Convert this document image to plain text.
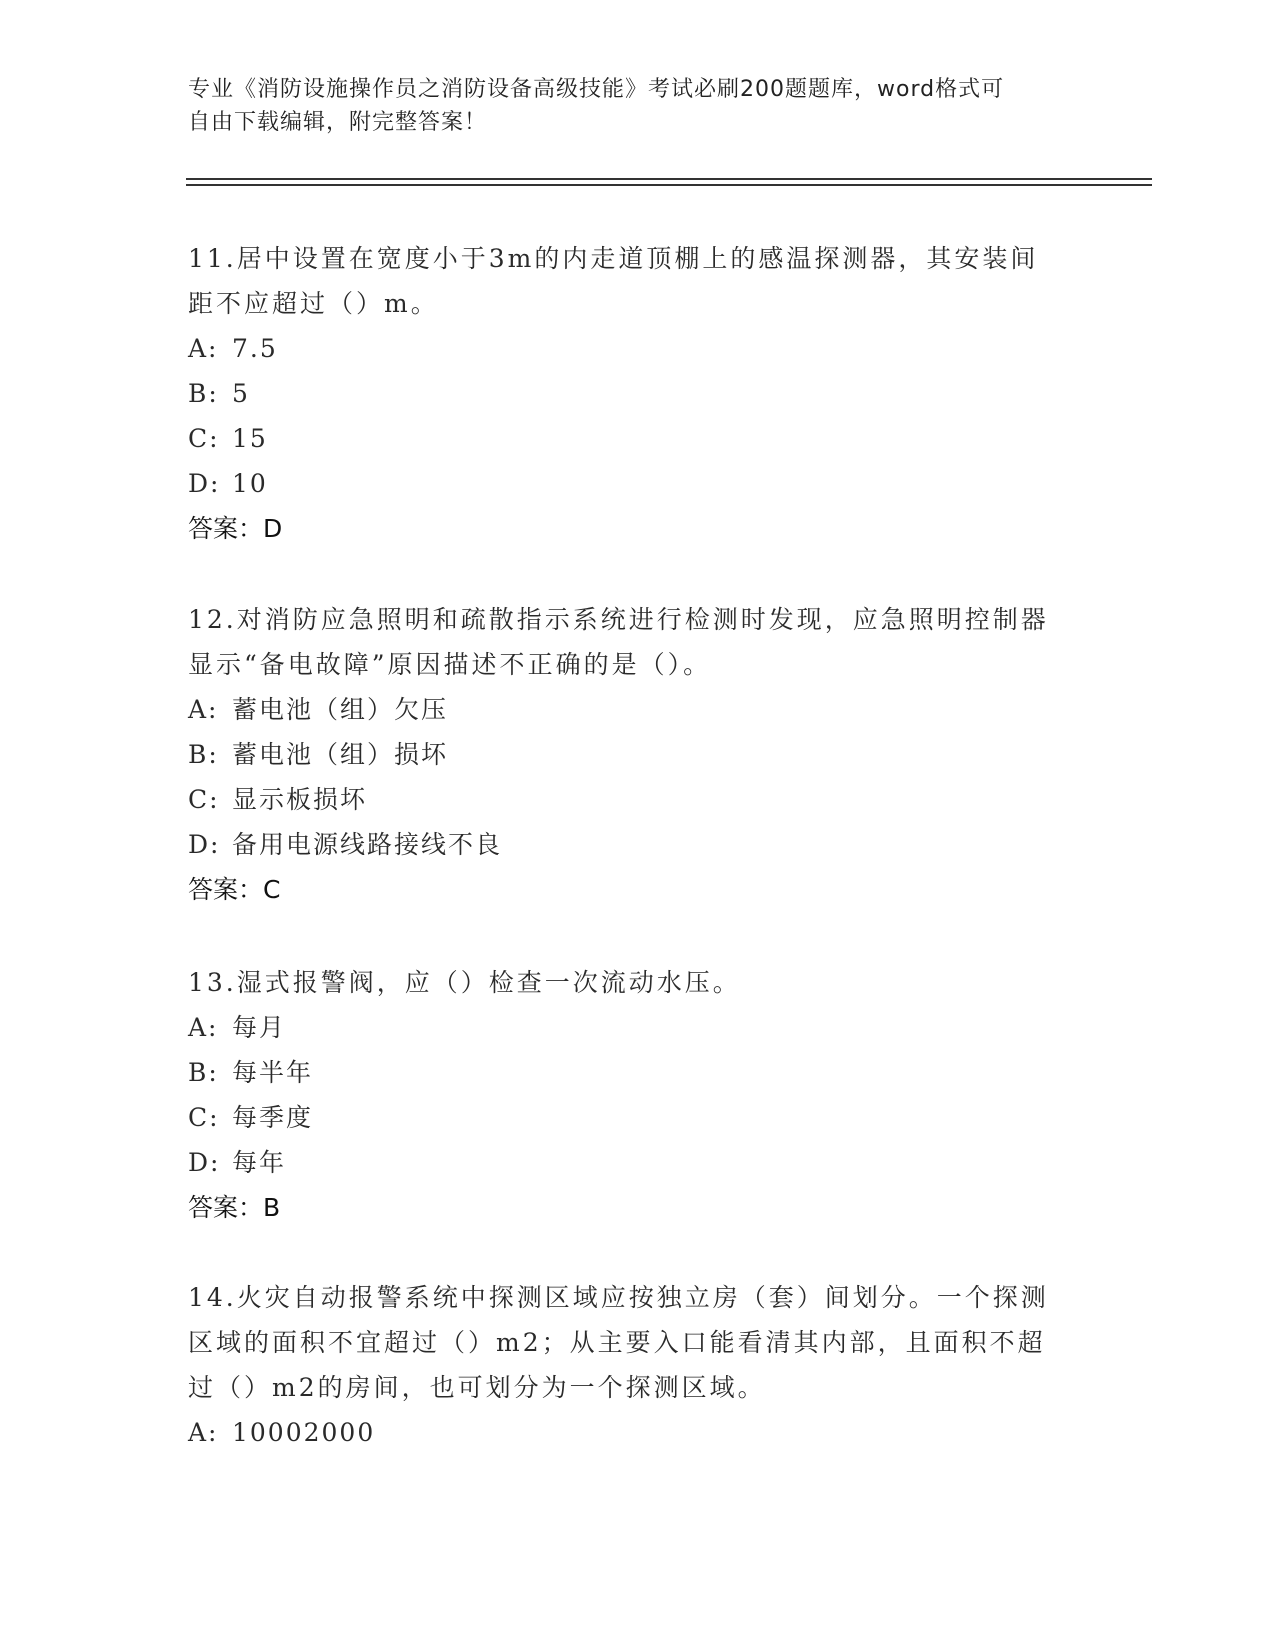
专业《消防设施操作员之消防设备高级技能》考试必刷200题题库，word格式可
自由下载编辑，附完整答案！

11.居中设置在宽度小于3m的内走道顶棚上的感温探测器，其安装间
距不应超过（）m。

A: 7.5

B: 5

C: 15

D: 10

答案：D

12.对消防应急照明和疏散指示系统进行检测时发现，应急照明控制器
显示“备电故障”原因描述不正确的是（）。

A: 蓄电池（组）欠压

B: 蓄电池（组）损坏

C: 显示板损坏

D: 备用电源线路接线不良

答案：C

13.湿式报警阀，应（）检查一次流动水压。

A: 每月

B: 每半年

C: 每季度

D: 每年

答案：B

14.火灾自动报警系统中探测区域应按独立房（套）间划分。一个探测
区域的面积不宜超过（）m2；从主要入口能看清其内部，且面积不超
过（）m2的房间，也可划分为一个探测区域。

A: 10002000
